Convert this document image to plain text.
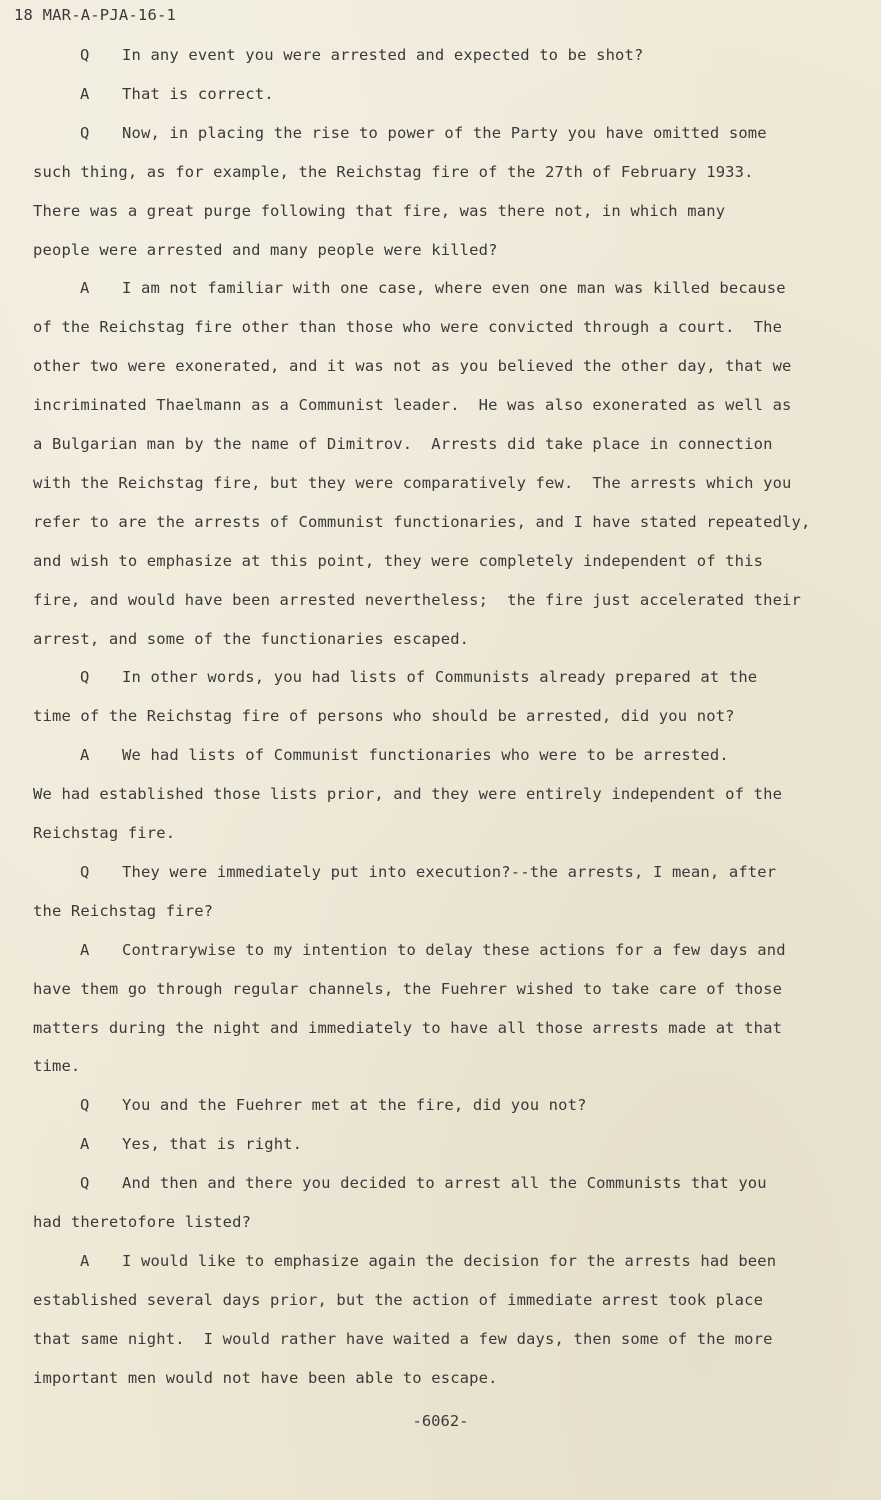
18 MAR-A-PJA-16-1
Q In any event you were arrested and expected to be shot?
A That is correct.
Q Now, in placing the rise to power of the Party you have omitted some
such thing, as for example, the Reichstag fire of the 27th of February 1933.
There was a great purge following that fire, was there not, in which many
people were arrested and many people were killed?
A I am not familiar with one case, where even one man was killed because
of the Reichstag fire other than those who were convicted through a court.  The
other two were exonerated, and it was not as you believed the other day, that we
incriminated Thaelmann as a Communist leader.  He was also exonerated as well as
a Bulgarian man by the name of Dimitrov.  Arrests did take place in connection
with the Reichstag fire, but they were comparatively few.  The arrests which you
refer to are the arrests of Communist functionaries, and I have stated repeatedly,
and wish to emphasize at this point, they were completely independent of this
fire, and would have been arrested nevertheless;  the fire just accelerated their
arrest, and some of the functionaries escaped.
Q In other words, you had lists of Communists already prepared at the
time of the Reichstag fire of persons who should be arrested, did you not?
A We had lists of Communist functionaries who were to be arrested.
We had established those lists prior, and they were entirely independent of the
Reichstag fire.
Q They were immediately put into execution?--the arrests, I mean, after
the Reichstag fire?
A Contrarywise to my intention to delay these actions for a few days and
have them go through regular channels, the Fuehrer wished to take care of those
matters during the night and immediately to have all those arrests made at that
time.
Q You and the Fuehrer met at the fire, did you not?
A Yes, that is right.
Q And then and there you decided to arrest all the Communists that you
had theretofore listed?
A I would like to emphasize again the decision for the arrests had been
established several days prior, but the action of immediate arrest took place
that same night.  I would rather have waited a few days, then some of the more
important men would not have been able to escape.
-6062-
